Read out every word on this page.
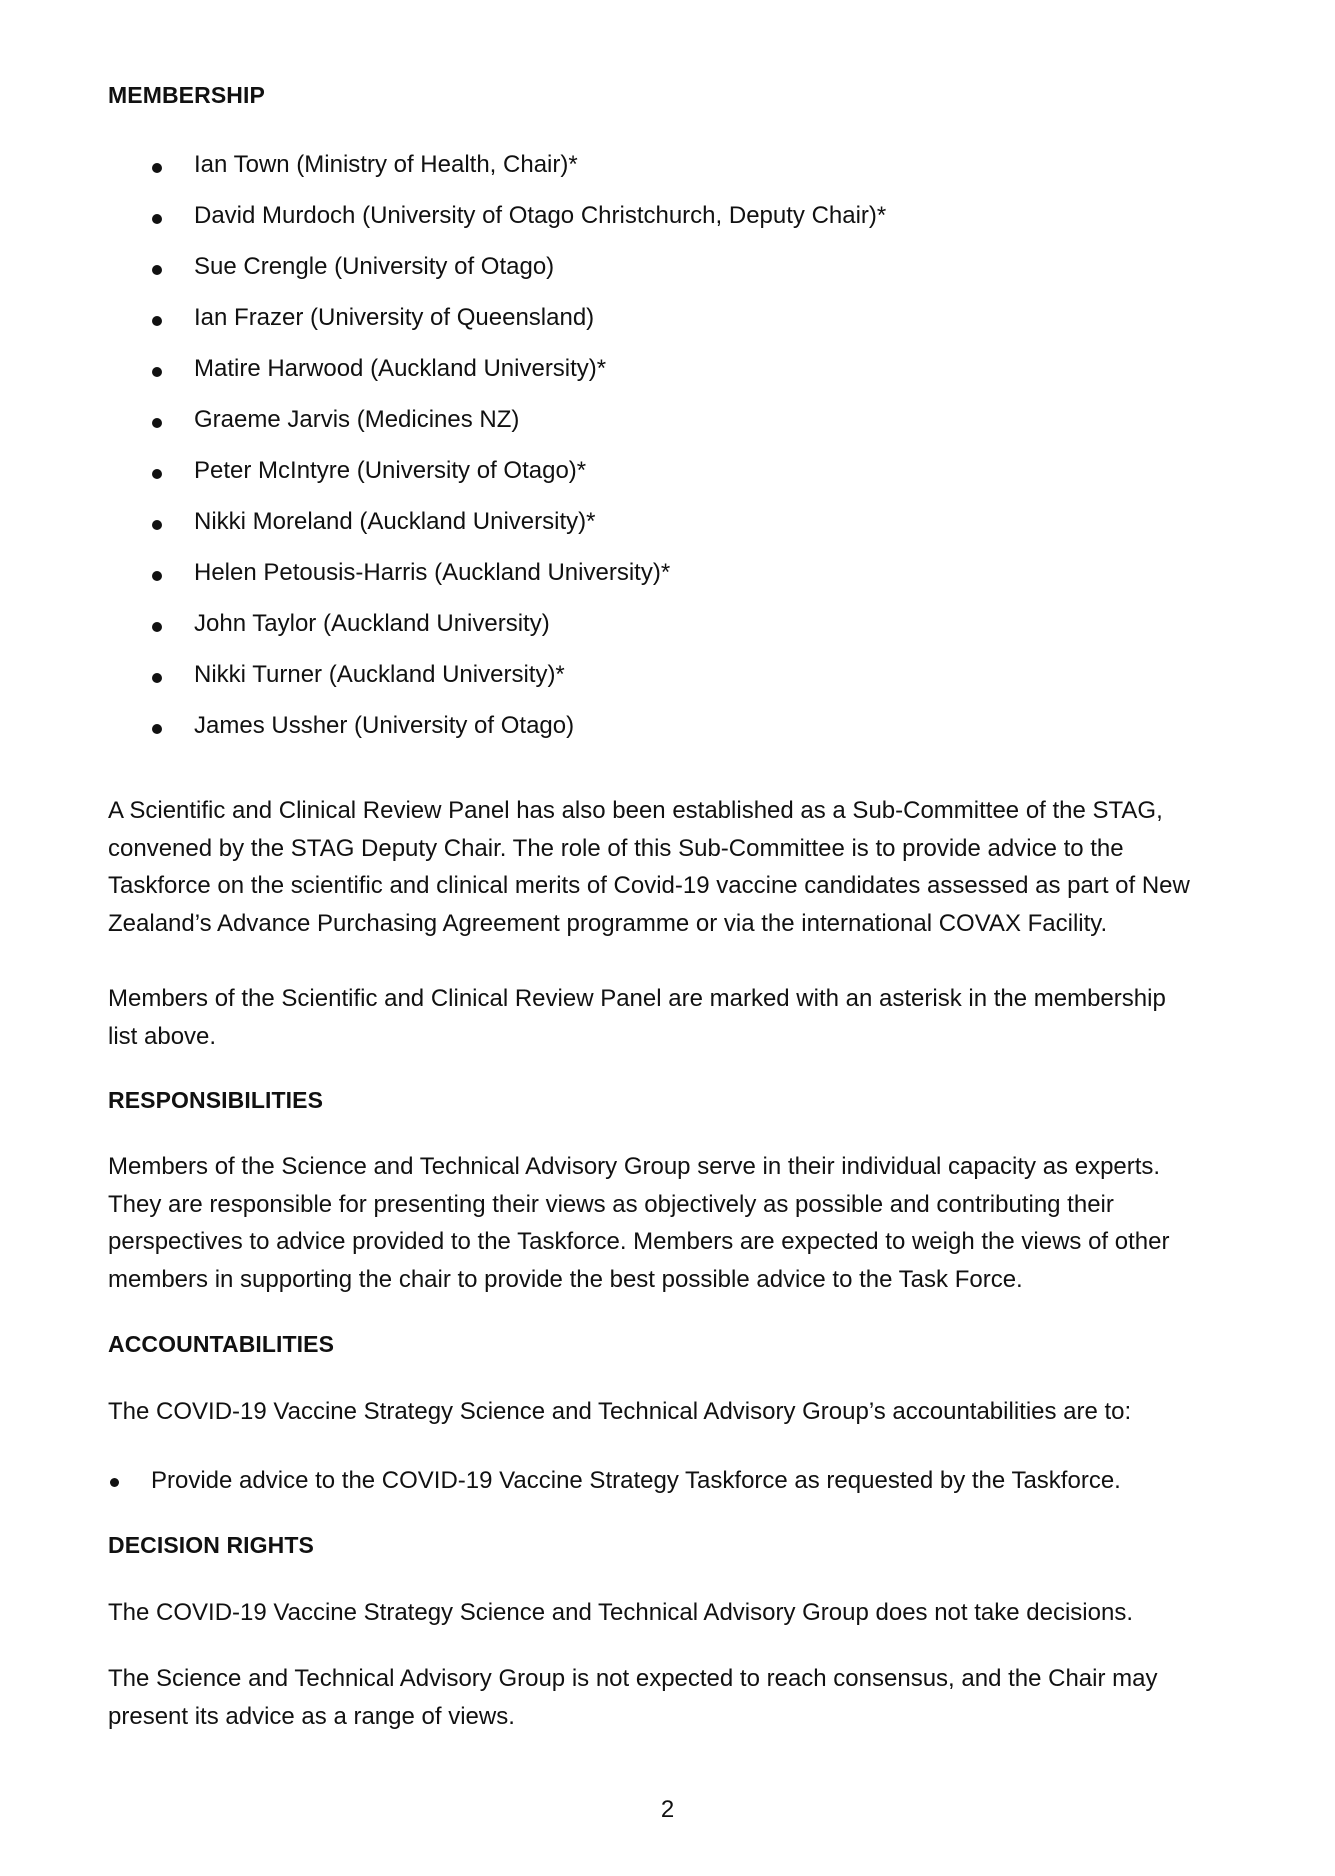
MEMBERSHIP
Ian Town (Ministry of Health, Chair)*
David Murdoch (University of Otago Christchurch, Deputy Chair)*
Sue Crengle (University of Otago)
Ian Frazer (University of Queensland)
Matire Harwood (Auckland University)*
Graeme Jarvis (Medicines NZ)
Peter McIntyre (University of Otago)*
Nikki Moreland (Auckland University)*
Helen Petousis-Harris (Auckland University)*
John Taylor (Auckland University)
Nikki Turner (Auckland University)*
James Ussher (University of Otago)

A Scientific and Clinical Review Panel has also been established as a Sub-Committee of the STAG,
convened by the STAG Deputy Chair. The role of this Sub-Committee is to provide advice to the
Taskforce on the scientific and clinical merits of Covid-19 vaccine candidates assessed as part of New
Zealand’s Advance Purchasing Agreement programme or via the international COVAX Facility.

Members of the Scientific and Clinical Review Panel are marked with an asterisk in the membership
list above.

RESPONSIBILITIES

Members of the Science and Technical Advisory Group serve in their individual capacity as experts.
They are responsible for presenting their views as objectively as possible and contributing their
perspectives to advice provided to the Taskforce. Members are expected to weigh the views of other
members in supporting the chair to provide the best possible advice to the Task Force.

ACCOUNTABILITIES

The COVID-19 Vaccine Strategy Science and Technical Advisory Group’s accountabilities are to:

Provide advice to the COVID-19 Vaccine Strategy Taskforce as requested by the Taskforce.
DECISION RIGHTS

The COVID-19 Vaccine Strategy Science and Technical Advisory Group does not take decisions.

The Science and Technical Advisory Group is not expected to reach consensus, and the Chair may
present its advice as a range of views.

2
